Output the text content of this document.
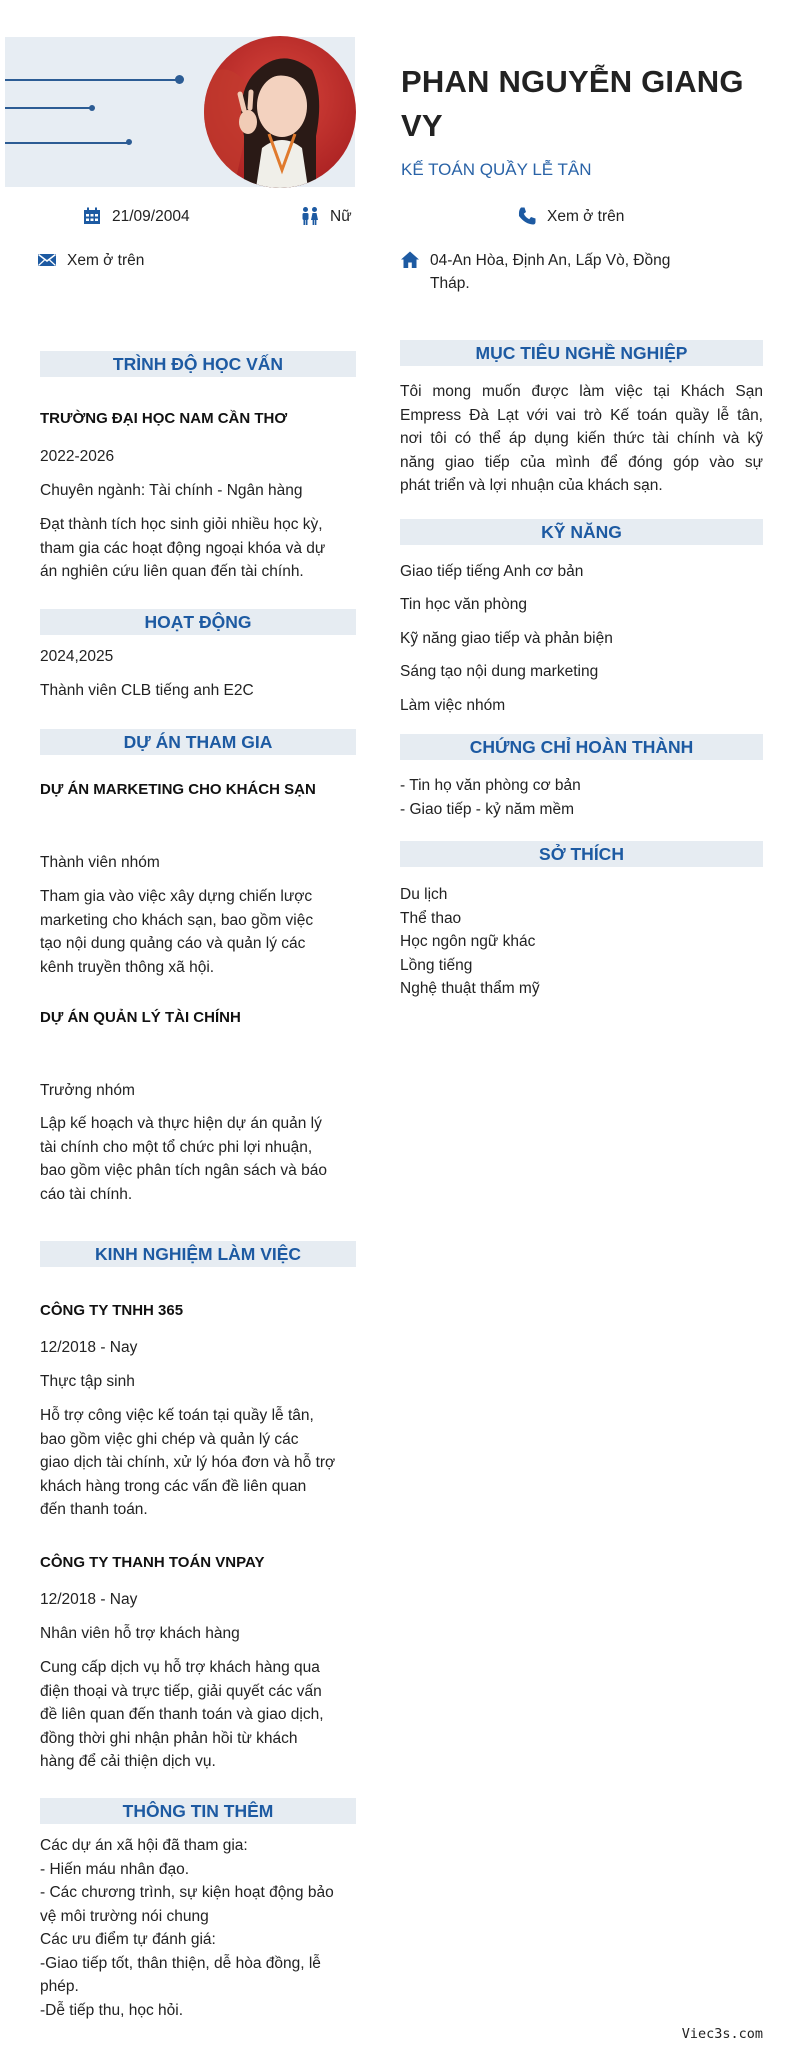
PHAN NGUYỄN GIANG VY
KẾ TOÁN QUẦY LỄ TÂN
21/09/2004	Nữ	Xem ở trên
Xem ở trên	04-An Hòa, Định An, Lấp Vò, Đồng
Tháp.
TRÌNH ĐỘ HỌC VẤN
TRƯỜNG ĐẠI HỌC NAM CẦN THƠ
2022-2026
Chuyên ngành: Tài chính - Ngân hàng
Đạt thành tích học sinh giỏi nhiều học kỳ,
tham gia các hoạt động ngoại khóa và dự
án nghiên cứu liên quan đến tài chính.
HOẠT ĐỘNG
2024,2025
Thành viên CLB tiếng anh E2C
DỰ ÁN THAM GIA
DỰ ÁN MARKETING CHO KHÁCH SẠN
Thành viên nhóm
Tham gia vào việc xây dựng chiến lược
marketing cho khách sạn, bao gồm việc
tạo nội dung quảng cáo và quản lý các
kênh truyền thông xã hội.
DỰ ÁN QUẢN LÝ TÀI CHÍNH
Trưởng nhóm
Lập kế hoạch và thực hiện dự án quản lý
tài chính cho một tổ chức phi lợi nhuận,
bao gồm việc phân tích ngân sách và báo
cáo tài chính.
KINH NGHIỆM LÀM VIỆC
CÔNG TY TNHH 365
12/2018 - Nay
Thực tập sinh
Hỗ trợ công việc kế toán tại quầy lễ tân,
bao gồm việc ghi chép và quản lý các
giao dịch tài chính, xử lý hóa đơn và hỗ trợ
khách hàng trong các vấn đề liên quan
đến thanh toán.
CÔNG TY THANH TOÁN VNPAY
12/2018 - Nay
Nhân viên hỗ trợ khách hàng
Cung cấp dịch vụ hỗ trợ khách hàng qua
điện thoại và trực tiếp, giải quyết các vấn
đề liên quan đến thanh toán và giao dịch,
đồng thời ghi nhận phản hồi từ khách
hàng để cải thiện dịch vụ.
THÔNG TIN THÊM
Các dự án xã hội đã tham gia:
- Hiến máu nhân đạo.
- Các chương trình, sự kiện hoạt động bảo
vệ môi trường nói chung
Các ưu điểm tự đánh giá:
-Giao tiếp tốt, thân thiện, dễ hòa đồng, lễ
phép.
-Dễ tiếp thu, học hỏi.
MỤC TIÊU NGHỀ NGHIỆP
Tôi mong muốn được làm việc tại Khách Sạn
Empress Đà Lạt với vai trò Kế toán quầy lễ tân,
nơi tôi có thể áp dụng kiến thức tài chính và kỹ
năng giao tiếp của mình để đóng góp vào sự
phát triển và lợi nhuận của khách sạn.
KỸ NĂNG
Giao tiếp tiếng Anh cơ bản
Tin học văn phòng
Kỹ năng giao tiếp và phản biện
Sáng tạo nội dung marketing
Làm việc nhóm
CHỨNG CHỈ HOÀN THÀNH
- Tin họ văn phòng cơ bản
- Giao tiếp - kỷ năm mềm
SỞ THÍCH
Du lịch
Thể thao
Học ngôn ngữ khác
Lồng tiếng
Nghệ thuật thẩm mỹ
Viec3s.com
